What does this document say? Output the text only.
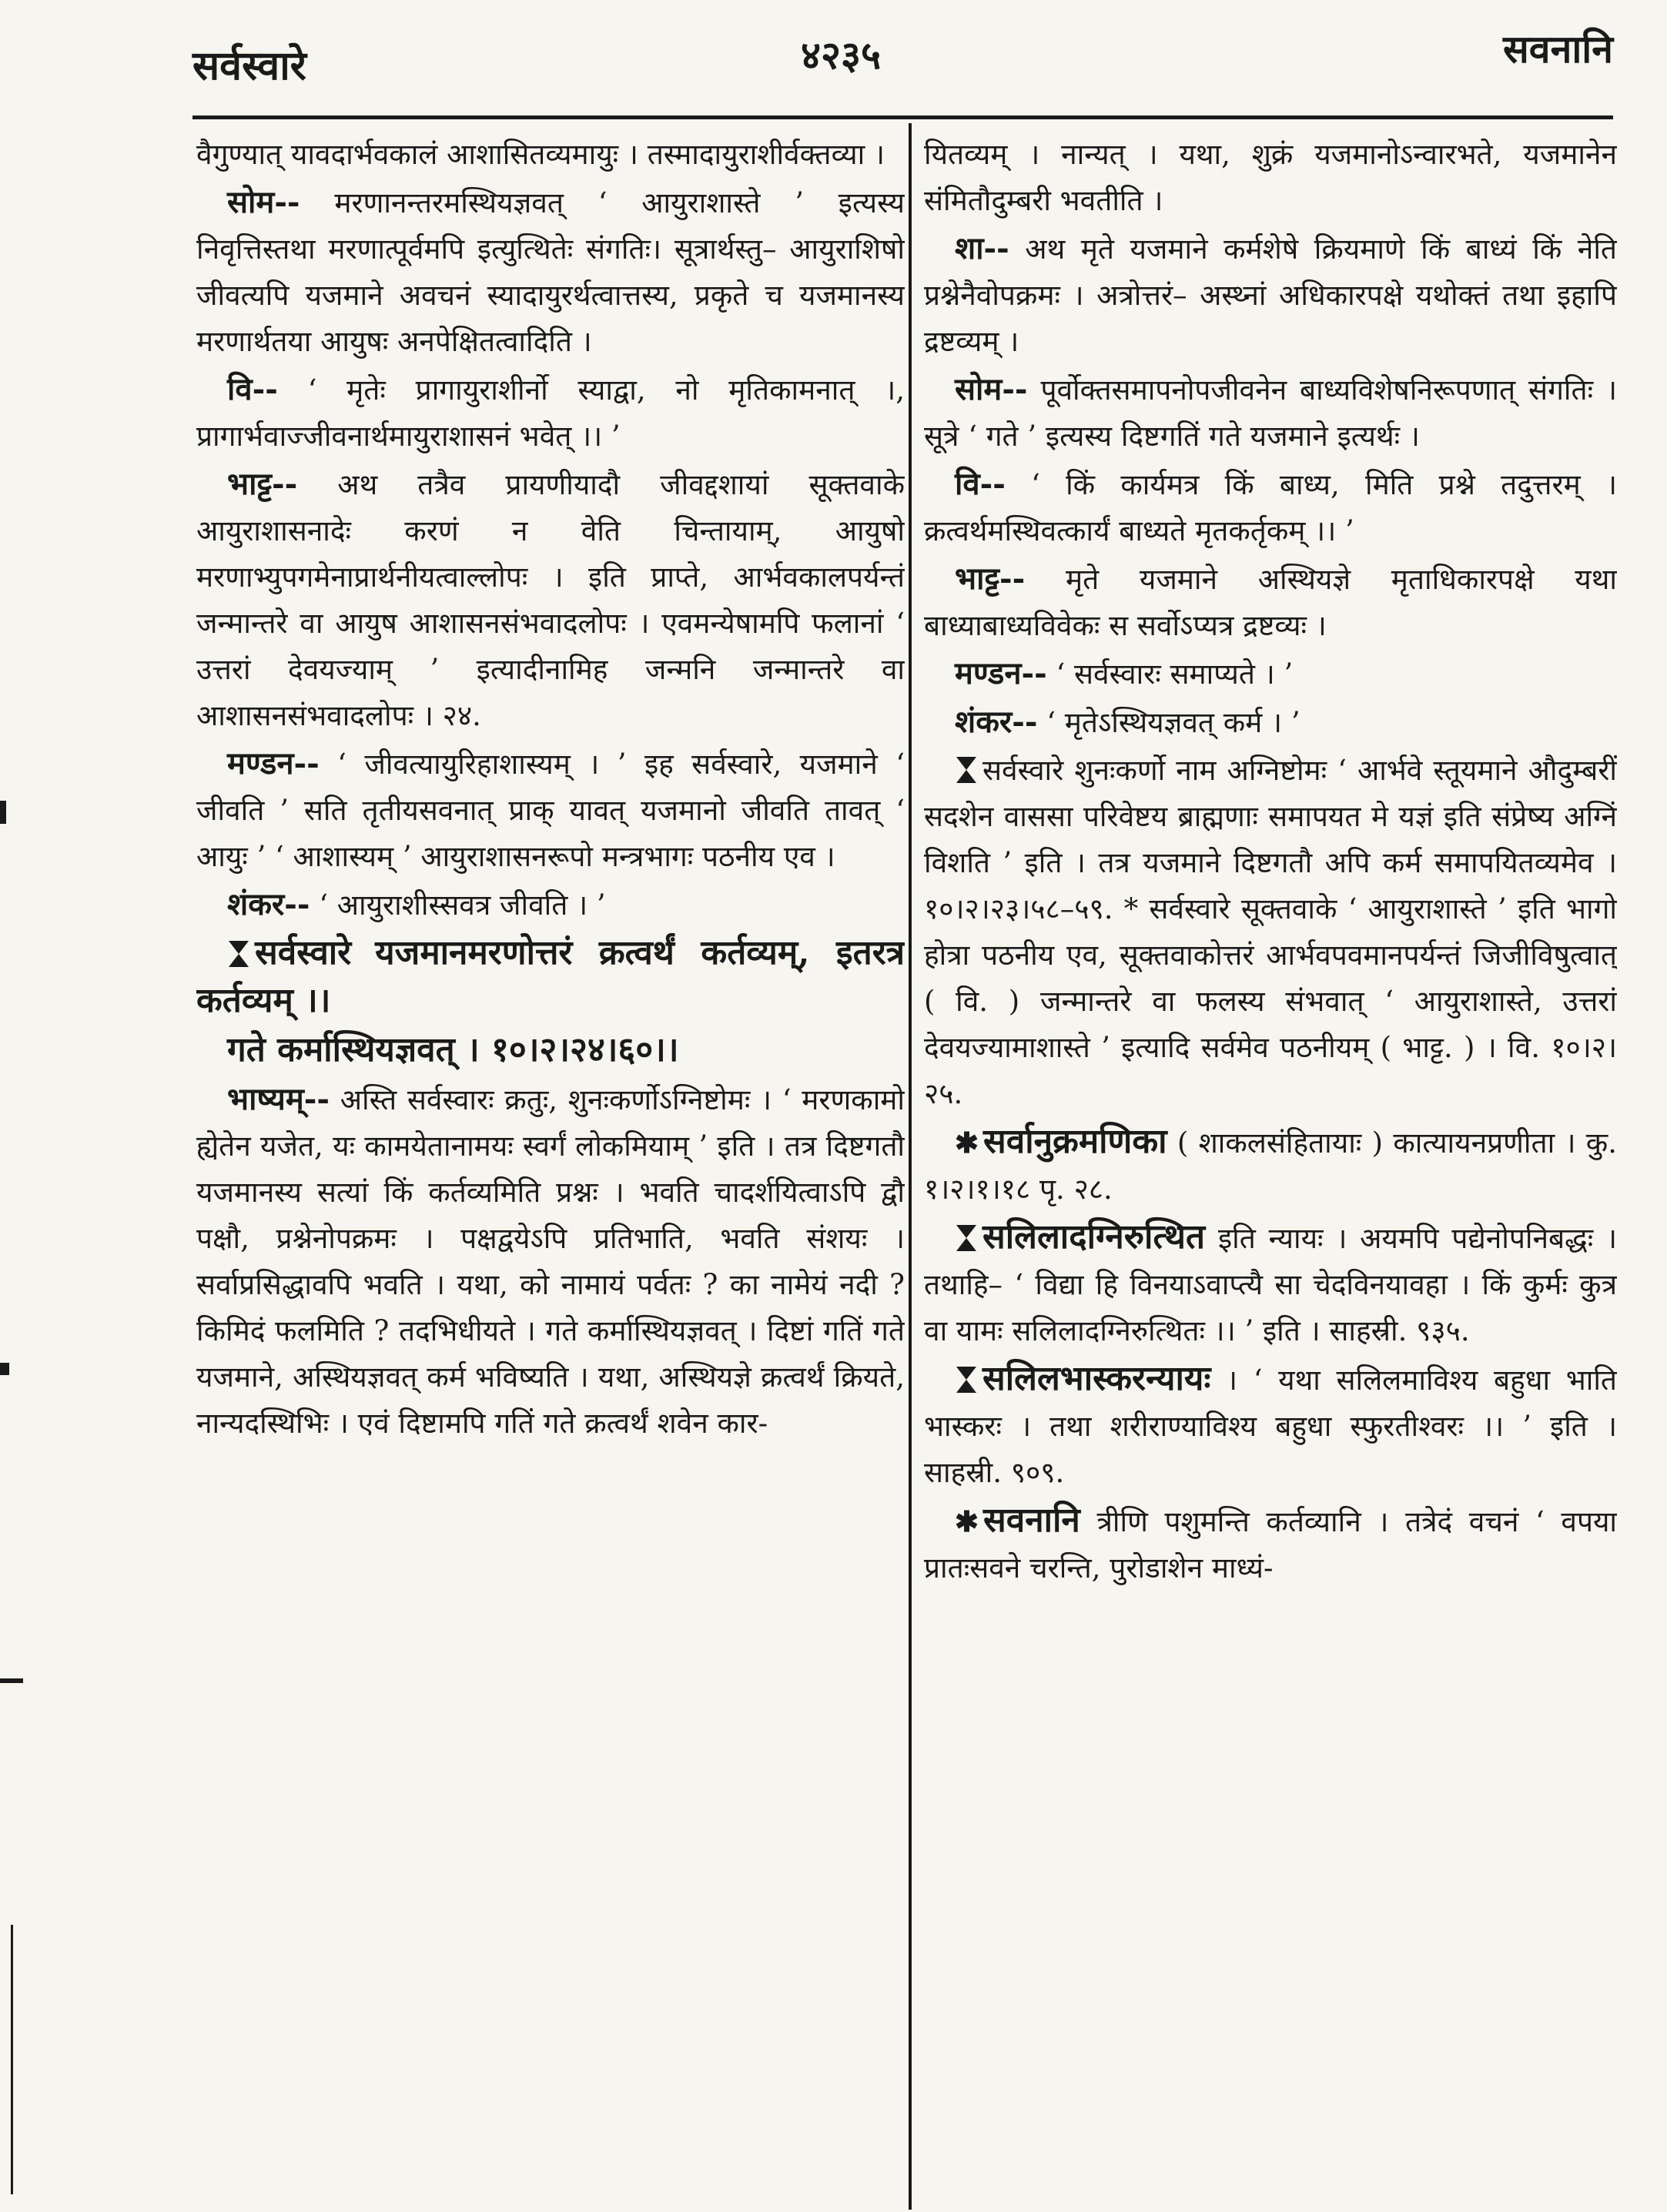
सर्वस्वारे	४२३५	सवनानि

वैगुण्यात् यावदार्भवकालं आशासितव्यमायुः । तस्मादायुराशीर्वक्तव्या ।

सोम-- मरणानन्तरमस्थियज्ञवत् ‘ आयुराशास्ते ’ इत्यस्य निवृत्तिस्तथा मरणात्पूर्वमपि इत्युत्थितेः संगतिः। सूत्रार्थस्तु– आयुराशिषो जीवत्यपि यजमाने अवचनं स्यादायुरर्थत्वात्तस्य, प्रकृते च यजमानस्य मरणार्थतया आयुषः अनपेक्षितत्वादिति ।

वि-- ‘ मृतेः प्रागायुराशीर्नो स्याद्वा, नो मृतिकामनात् ।, प्रागार्भवाज्जीवनार्थमायुराशासनं भवेत् ।। ’

भाट्ट-- अथ तत्रैव प्रायणीयादौ जीवद्दशायां सूक्तवाके आयुराशासनादेः करणं न वेति चिन्तायाम्, आयुषो मरणाभ्युपगमेनाप्रार्थनीयत्वाल्लोपः । इति प्राप्ते, आर्भवकालपर्यन्तं जन्मान्तरे वा आयुष आशासनसंभवादलोपः । एवमन्येषामपि फलानां ‘ उत्तरां देवयज्याम् ’ इत्यादीनामिह जन्मनि जन्मान्तरे वा आशासनसंभवादलोपः । २४.

मण्डन-- ‘ जीवत्यायुरिहाशास्यम् । ’ इह सर्वस्वारे, यजमाने ‘ जीवति ’ सति तृतीयसवनात् प्राक् यावत् यजमानो जीवति तावत् ‘ आयुः ’ ‘ आशास्यम् ’ आयुराशासनरूपो मन्त्रभागः पठनीय एव ।

शंकर-- ‘ आयुराशीस्सवत्र जीवति । ’

सर्वस्वारे यजमानमरणोत्तरं क्रत्वर्थं कर्तव्यम्, इतरत्र कर्तव्यम् ।।

गते कर्मास्थियज्ञवत् । १०।२।२४।६०।।

भाष्यम्-- अस्ति सर्वस्वारः क्रतुः, शुनःकर्णोऽग्निष्टोमः । ‘ मरणकामो ह्येतेन यजेत, यः कामयेतानामयः स्वर्गं लोकमियाम् ’ इति । तत्र दिष्टगतौ यजमानस्य सत्यां किं कर्तव्यमिति प्रश्नः । भवति चादर्शयित्वाऽपि द्वौ पक्षौ, प्रश्नेनोपक्रमः । पक्षद्वयेऽपि प्रतिभाति, भवति संशयः । सर्वाप्रसिद्धावपि भवति । यथा, को नामायं पर्वतः ? का नामेयं नदी ? किमिदं फलमिति ? तदभिधीयते । गते कर्मास्थियज्ञवत् । दिष्टां गतिं गते यजमाने, अस्थियज्ञवत् कर्म भविष्यति । यथा, अस्थियज्ञे क्रत्वर्थं क्रियते, नान्यदस्थिभिः । एवं दिष्टामपि गतिं गते क्रत्वर्थं शवेन कार-

यितव्यम् । नान्यत् । यथा, शुक्रं यजमानोऽन्वारभते, यजमानेन संमितौदुम्बरी भवतीति ।

शा-- अथ मृते यजमाने कर्मशेषे क्रियमाणे किं बाध्यं किं नेति प्रश्नेनैवोपक्रमः । अत्रोत्तरं– अस्थ्नां अधिकारपक्षे यथोक्तं तथा इहापि द्रष्टव्यम् ।

सोम-- पूर्वोक्तसमापनोपजीवनेन बाध्यविशेषनिरूपणात् संगतिः । सूत्रे ‘ गते ’ इत्यस्य दिष्टगतिं गते यजमाने इत्यर्थः ।

वि-- ‘ किं कार्यमत्र किं बाध्य, मिति प्रश्ने तदुत्तरम् । क्रत्वर्थमस्थिवत्कार्यं बाध्यते मृतकर्तृकम् ।। ’

भाट्ट-- मृते यजमाने अस्थियज्ञे मृताधिकारपक्षे यथा बाध्याबाध्यविवेकः स सर्वोऽप्यत्र द्रष्टव्यः ।

मण्डन-- ‘ सर्वस्वारः समाप्यते । ’

शंकर-- ‘ मृतेऽस्थियज्ञवत् कर्म । ’

सर्वस्वारे शुनःकर्णो नाम अग्निष्टोमः ‘ आर्भवे स्तूयमाने औदुम्बरीं सदशेन वाससा परिवेष्टय ब्राह्मणाः समापयत मे यज्ञं इति संप्रेष्य अग्निं विशति ’ इति । तत्र यजमाने दिष्टगतौ अपि कर्म समापयितव्यमेव । १०।२।२३।५८–५९. * सर्वस्वारे सूक्तवाके ‘ आयुराशास्ते ’ इति भागो होत्रा पठनीय एव, सूक्तवाकोत्तरं आर्भवपवमानपर्यन्तं जिजीविषुत्वात् ( वि. ) जन्मान्तरे वा फलस्य संभवात् ‘ आयुराशास्ते, उत्तरां देवयज्यामाशास्ते ’ इत्यादि सर्वमेव पठनीयम् ( भाट्ट. ) । वि. १०।२।२५.

✱ सर्वानुक्रमणिका ( शाकलसंहितायाः ) कात्यायनप्रणीता । कु. १।२।१।१८ पृ. २८.

सलिलादग्निरुत्थित इति न्यायः । अयमपि पद्येनोपनिबद्धः । तथाहि– ‘ विद्या हि विनयाऽवाप्त्यै सा चेदविनयावहा । किं कुर्मः कुत्र वा यामः सलिलादग्निरुत्थितः ।। ’ इति । साहस्री. ९३५.

सलिलभास्करन्यायः । ‘ यथा सलिलमाविश्य बहुधा भाति भास्करः । तथा शरीराण्याविश्य बहुधा स्फुरतीश्वरः ।। ’ इति । साहस्री. ९०९.

✱ सवनानि त्रीणि पशुमन्ति कर्तव्यानि । तत्रेदं वचनं ‘ वपया प्रातःसवने चरन्ति, पुरोडाशेन माध्यं-
